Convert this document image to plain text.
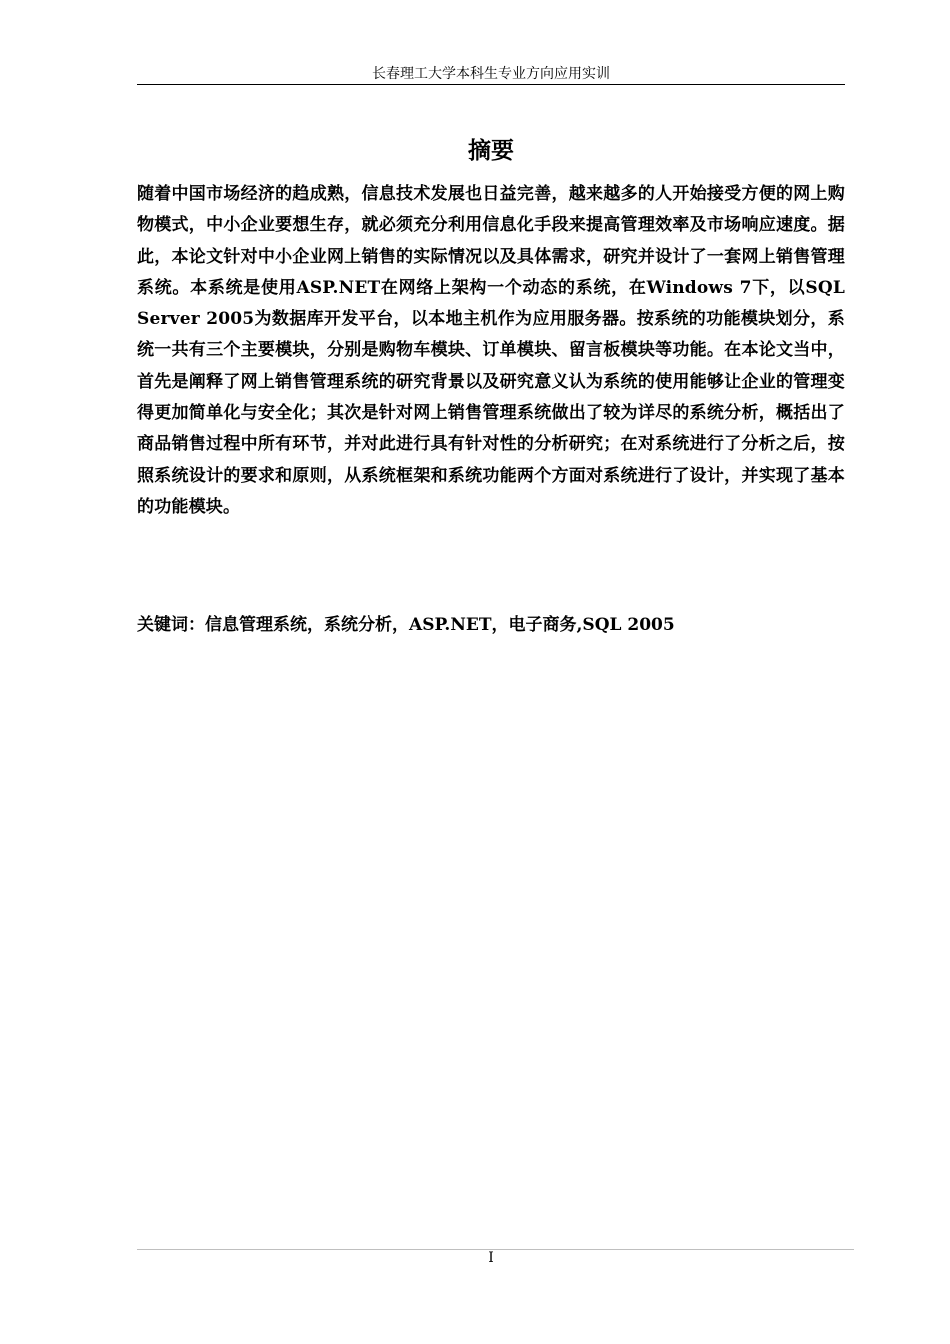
长春理工大学本科生专业方向应用实训
摘要

随着中国市场经济的趋成熟，信息技术发展也日益完善，越来越多的人开始接受方便的网上购物模式，中小企业要想生存，就必须充分利用信息化手段来提高管理效率及市场响应速度。据此，本论文针对中小企业网上销售的实际情况以及具体需求，研究并设计了一套网上销售管理系统。本系统是使用ASP.NET在网络上架构一个动态的系统，在Windows 7下，以SQL Server 2005为数据库开发平台，以本地主机作为应用服务器。按系统的功能模块划分，系统一共有三个主要模块，分别是购物车模块、订单模块、留言板模块等功能。在本论文当中，首先是阐释了网上销售管理系统的研究背景以及研究意义认为系统的使用能够让企业的管理变得更加简单化与安全化；其次是针对网上销售管理系统做出了较为详尽的系统分析，概括出了商品销售过程中所有环节，并对此进行具有针对性的分析研究；在对系统进行了分析之后，按照系统设计的要求和原则，从系统框架和系统功能两个方面对系统进行了设计，并实现了基本的功能模块。

关键词：信息管理系统，系统分析，ASP.NET，电子商务,SQL 2005

I
